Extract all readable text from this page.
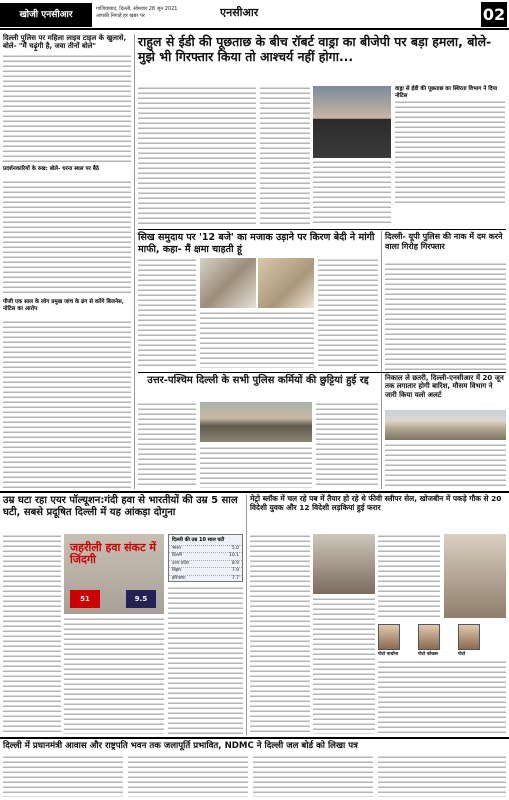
खोजी एनसीआर
गाजियाबाद, दिल्ली, सोमवार 28 जून 2021
आपकी निगाहें हर खबर पर	एनसीआर	02
दिल्ली पुलिस पर महिला लाइव टाइल के खुलासे, बोले- "मैं चढ़ूंगी है, जवा तीनों बोले"
प्रदर्शनकारियों के रुख: बोले- धरना स्थल पर बैठे
पीजी एक साल के लोग प्रमुख जांच के ढंग से करेंगे बिजनेस, नोटिस का आरोप
राहुल से ईडी की पूछताछ के बीच रॉबर्ट वाड्रा का बीजेपी पर बड़ा हमला, बोले- मुझे भी गिरफ्तार किया तो आश्चर्य नहीं होगा...
वाड्रा से ईडी की पूछताछ का स्थिरता विभाग ने दिया नोटिस
सिख समुदाय पर '12 बजे' का मजाक उड़ाने पर किरण बेदी ने मांगी माफी, कहा- मैं क्षमा चाहती हूं
दिल्ली- यूपी पुलिस की नाक में दम करने वाला गिरोह गिरफ्तार
उत्तर-पश्चिम दिल्ली के सभी पुलिस कर्मियों की छुट्टियां हुई रद्द	निकाल ले छतरी, दिल्ली-एनसीआर में 20 जून तक लगातार होगी बारिश, मौसम विभाग ने जारी किया यलो अलर्ट
उम्र घटा रहा एयर पॉल्यूशन:गंदी हवा से भारतीयों की उम्र 5 साल घटी, सबसे प्रदूषित दिल्ली में यह आंकड़ा दोगुना
जहरीली हवा संकट में जिंदगी
51	9.5
दिल्ली की उम्र 10 साल घटी
भारत	5.0
दिल्ली	10.1
उत्तर प्रदेश	8.9
बिहार	7.9
हरियाणा	7.7
मेट्रो ब्लॉक में चल रहे पब में तैयार हो रहे थे फीवी स्लीपर सेल, खोजबीन में पकड़े गौक से 20 विदेशी युवक और 12 विदेशी लड़कियां हुई फरार
पोटो पार्थाना	पोटो फोकस	पोटो
दिल्ली में प्रधानमंत्री आवास और राष्ट्रपति भवन तक जलापूर्ति प्रभावित, NDMC ने दिल्ली जल बोर्ड को लिखा पत्र
